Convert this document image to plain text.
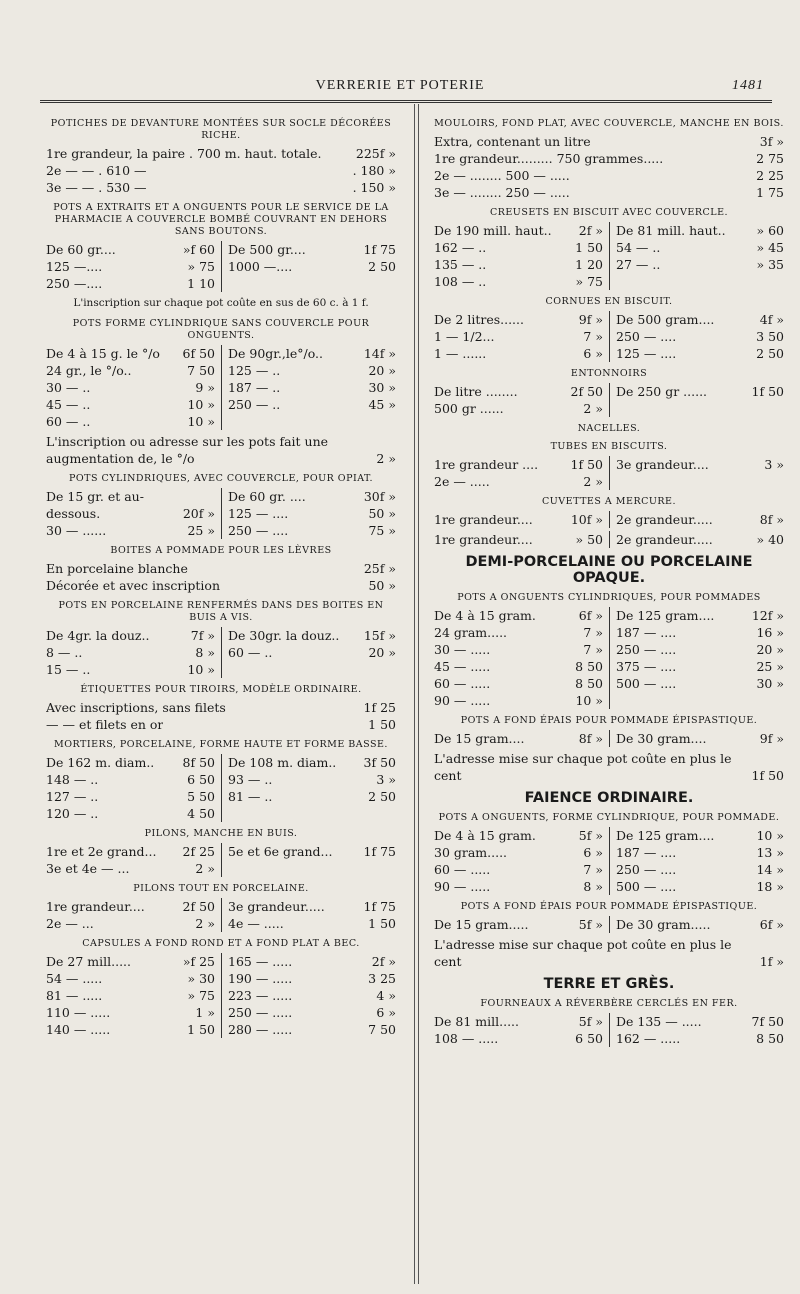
VERRERIE ET POTERIE	1481
POTICHES DE DEVANTURE MONTÉES SUR SOCLE DÉCORÉES RICHE.
1re grandeur, la paire . 700 m. haut. totale.	225f »
2e — — . 610 —	. 180 »
3e — — . 530 —	. 150 »
POTS A EXTRAITS ET A ONGUENTS POUR LE SERVICE DE LA PHARMACIE A COUVERCLE BOMBÉ COUVRANT EN DEHORS SANS BOUTONS.
De 60 gr....	»f 60
125 —....	» 75
250 —....	1 10
De 500 gr....	1f 75
1000 —....	2 50
L'inscription sur chaque pot coûte en sus de 60 c. à 1 f.
POTS FORME CYLINDRIQUE SANS COUVERCLE POUR ONGUENTS.
De 4 à 15 g. le °/o 6f 50
24 gr., le °/o..	7 50
30 — ..	9 »
45 — ..	10 »
60 — ..	10 »
De 90gr.,le°/o..	14f »
125 — ..	20 »
187 — ..	30 »
250 — ..	45 »
L'inscription ou adresse sur les pots fait une augmentation de, le °/o	2 »
POTS CYLINDRIQUES, AVEC COUVERCLE, POUR OPIAT.
De 15 gr. et au-
dessous.	20f »
30 — ......	25 »
De 60 gr. ....	30f »
125 — ....	50 »
250 — ....	75 »
BOITES A POMMADE POUR LES LÈVRES
En porcelaine blanche	25f »
Décorée et avec inscription	50 »
POTS EN PORCELAINE RENFERMÉS DANS DES BOITES EN BUIS A VIS.
De 4gr. la douz..	7f »
8 — ..	8 »
15 — ..	10 »
De 30gr. la douz.. 15f »
60 — ..	20 »
ÉTIQUETTES POUR TIROIRS, MODÈLE ORDINAIRE.
Avec inscriptions, sans filets	1f 25
— — et filets en or	1 50
MORTIERS, PORCELAINE, FORME HAUTE ET FORME BASSE.
De 162 m. diam.. 8f 50
148 — ..	6 50
127 — ..	5 50
120 — ..	4 50
De 108 m. diam.. 3f 50
93 — ..	3 »
81 — ..	2 50
PILONS, MANCHE EN BUIS.
1re et 2e grand... 2f 25
3e et 4e — ...	2 »
5e et 6e grand... 1f 75
PILONS TOUT EN PORCELAINE.
1re grandeur....	2f 50
2e — ...	2 »
3e grandeur.....	1f 75
4e — .....	1 50
CAPSULES A FOND ROND ET A FOND PLAT A BEC.
De 27 mill.....	»f 25
54 — .....	» 30
81 — .....	» 75
110 — .....	1 »
140 — .....	1 50
165 — .....	2f »
190 — .....	3 25
223 — .....	4 »
250 — .....	6 »
280 — .....	7 50
MOULOIRS, FOND PLAT, AVEC COUVERCLE, MANCHE EN BOIS.
Extra, contenant un litre	3f »
1re grandeur......... 750 grammes.....	2 75
2e — ........ 500 — .....	2 25
3e — ........ 250 — .....	1 75
CREUSETS EN BISCUIT AVEC COUVERCLE.
De 190 mill. haut.. 2f »
162 — ..	1 50
135 — ..	1 20
108 — ..	» 75
De 81 mill. haut.. » 60
54 — ..	» 45
27 — ..	» 35
CORNUES EN BISCUIT.
De 2 litres......	9f »
1 — 1/2...	7 »
1 — ......	6 »
De 500 gram....	4f »
250 — ....	3 50
125 — ....	2 50
ENTONNOIRS
De litre ........	2f 50
500 gr ......	2 »
De 250 gr ......	1f 50
NACELLES.
TUBES EN BISCUITS.
1re grandeur ....	1f 50
2e — .....	2 »
3e grandeur....	3 »
CUVETTES A MERCURE.
1re grandeur....	10f » 2e grandeur.....	8f »
1re grandeur....	» 50 2e grandeur.....	» 40
DEMI-PORCELAINE OU PORCELAINE OPAQUE.
POTS A ONGUENTS CYLINDRIQUES, POUR POMMADES
De 4 à 15 gram.	6f »
24 gram.....	7 »
30 — .....	7 »
45 — .....	8 50
60 — .....	8 50
90 — .....	10 »
De 125 gram....	12f »
187 — ....	16 »
250 — ....	20 »
375 — ....	25 »
500 — ....	30 »
POTS A FOND ÉPAIS POUR POMMADE ÉPISPASTIQUE.
De 15 gram....	8f » De 30 gram....	9f »
L'adresse mise sur chaque pot coûte en plus le cent	1f 50
FAIENCE ORDINAIRE.
POTS A ONGUENTS, FORME CYLINDRIQUE, POUR POMMADE.
De 4 à 15 gram.	5f »
30 gram.....	6 »
60 — .....	7 »
90 — .....	8 »
De 125 gram....	10 »
187 — ....	13 »
250 — ....	14 »
500 — ....	18 »
POTS A FOND ÉPAIS POUR POMMADE ÉPISPASTIQUE.
De 15 gram.....	5f » De 30 gram.....	6f »
L'adresse mise sur chaque pot coûte en plus le cent	1f »
TERRE ET GRÈS.
FOURNEAUX A RÉVERBÈRE CERCLÉS EN FER.
De 81 mill.....	5f »
108 — .....	6 50
De 135 — .....	7f 50
162 — .....	8 50
